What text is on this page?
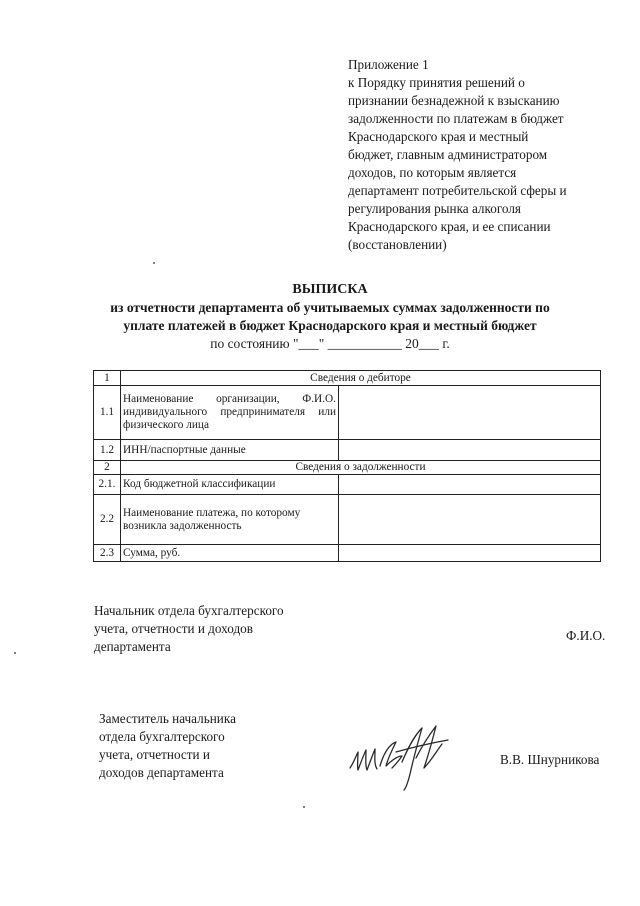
Приложение 1
к Порядку принятия решений о
признании безнадежной к взысканию
задолженности по платежам в бюджет
Краснодарского края и местный
бюджет, главным администратором
доходов, по которым является
департамент потребительской сферы и
регулирования рынка алкоголя
Краснодарского края, и ее списании
(восстановлении)
ВЫПИСКА
из отчетности департамента об учитываемых суммах задолженности по
уплате платежей в бюджет Краснодарского края и местный бюджет
по состоянию "___" ___________ 20___ г.
1	Сведения о дебиторе	
1.1	Наименование организации, Ф.И.О. индивидуального предпринимателя или физического лица	
1.2	ИНН/паспортные данные	
2	Сведения о задолженности	
2.1.	Код бюджетной классификации	
2.2	Наименование платежа, по которому возникла задолженность	
2.3	Сумма, руб.	
Начальник отдела бухгалтерского
учета, отчетности и доходов
департамента
Ф.И.О.
Заместитель начальника
отдела бухгалтерского
учета, отчетности и
доходов департамента
В.В. Шнурникова
